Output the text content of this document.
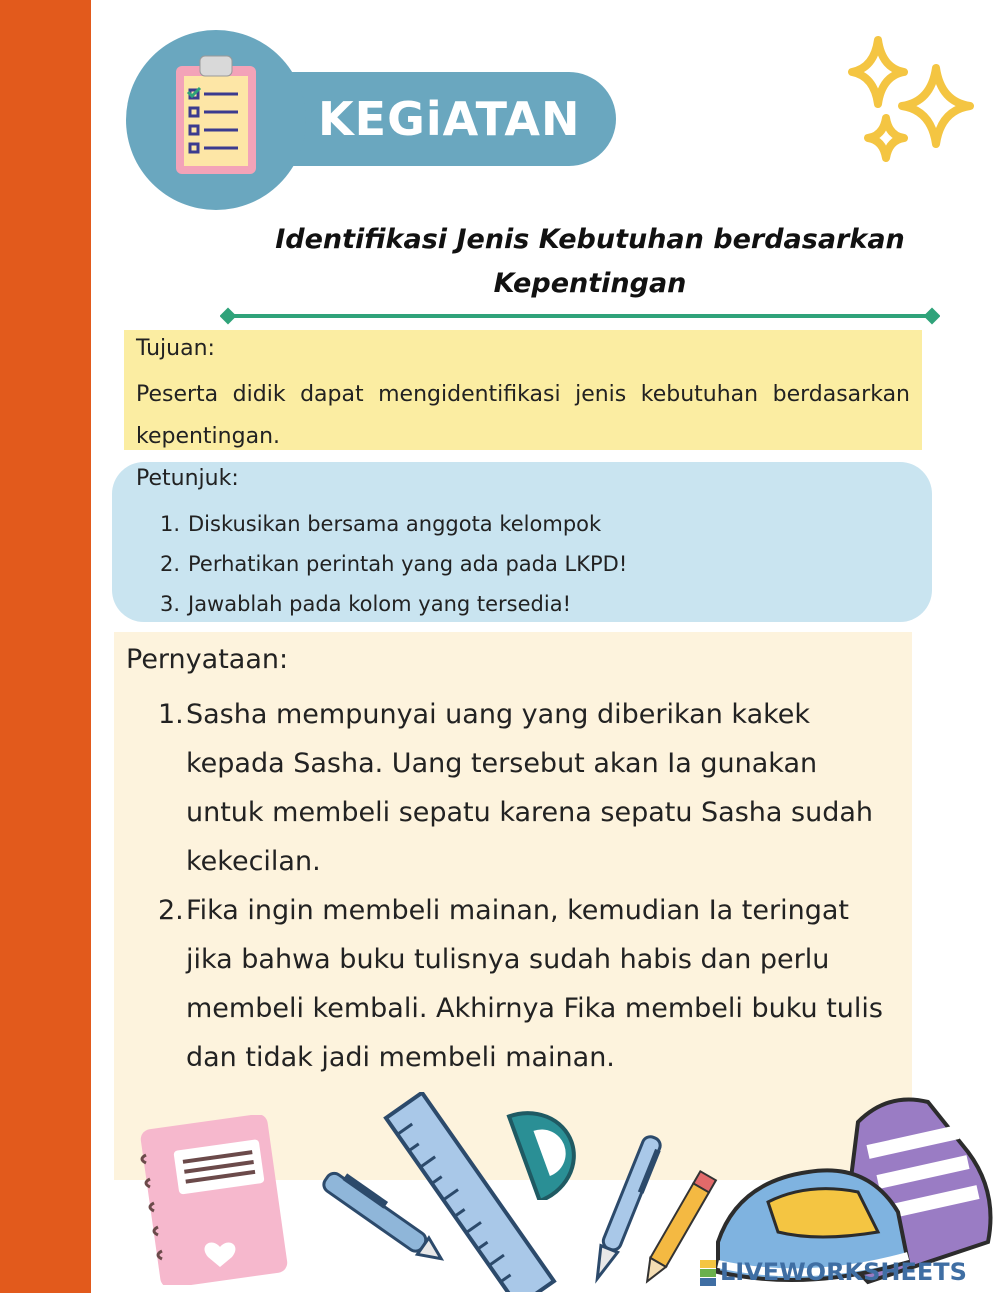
KEGiATAN 1
Identifikasi Jenis Kebutuhan berdasarkan
Kepentingan
Tujuan:
Peserta didik dapat mengidentifikasi jenis kebutuhan berdasarkan kepentingan.
Petunjuk:
1. Diskusikan bersama anggota kelompok
2. Perhatikan perintah yang ada pada LKPD!
3. Jawablah pada kolom yang tersedia!
Pernyataan:
1. Sasha mempunyai uang yang diberikan kakek kepada Sasha. Uang tersebut akan Ia gunakan untuk membeli sepatu karena sepatu Sasha sudah kekecilan.
2. Fika ingin membeli mainan, kemudian Ia teringat jika bahwa buku tulisnya sudah habis dan perlu membeli kembali. Akhirnya Fika membeli buku tulis dan tidak jadi membeli mainan.
LIVEWORKSHEETS
